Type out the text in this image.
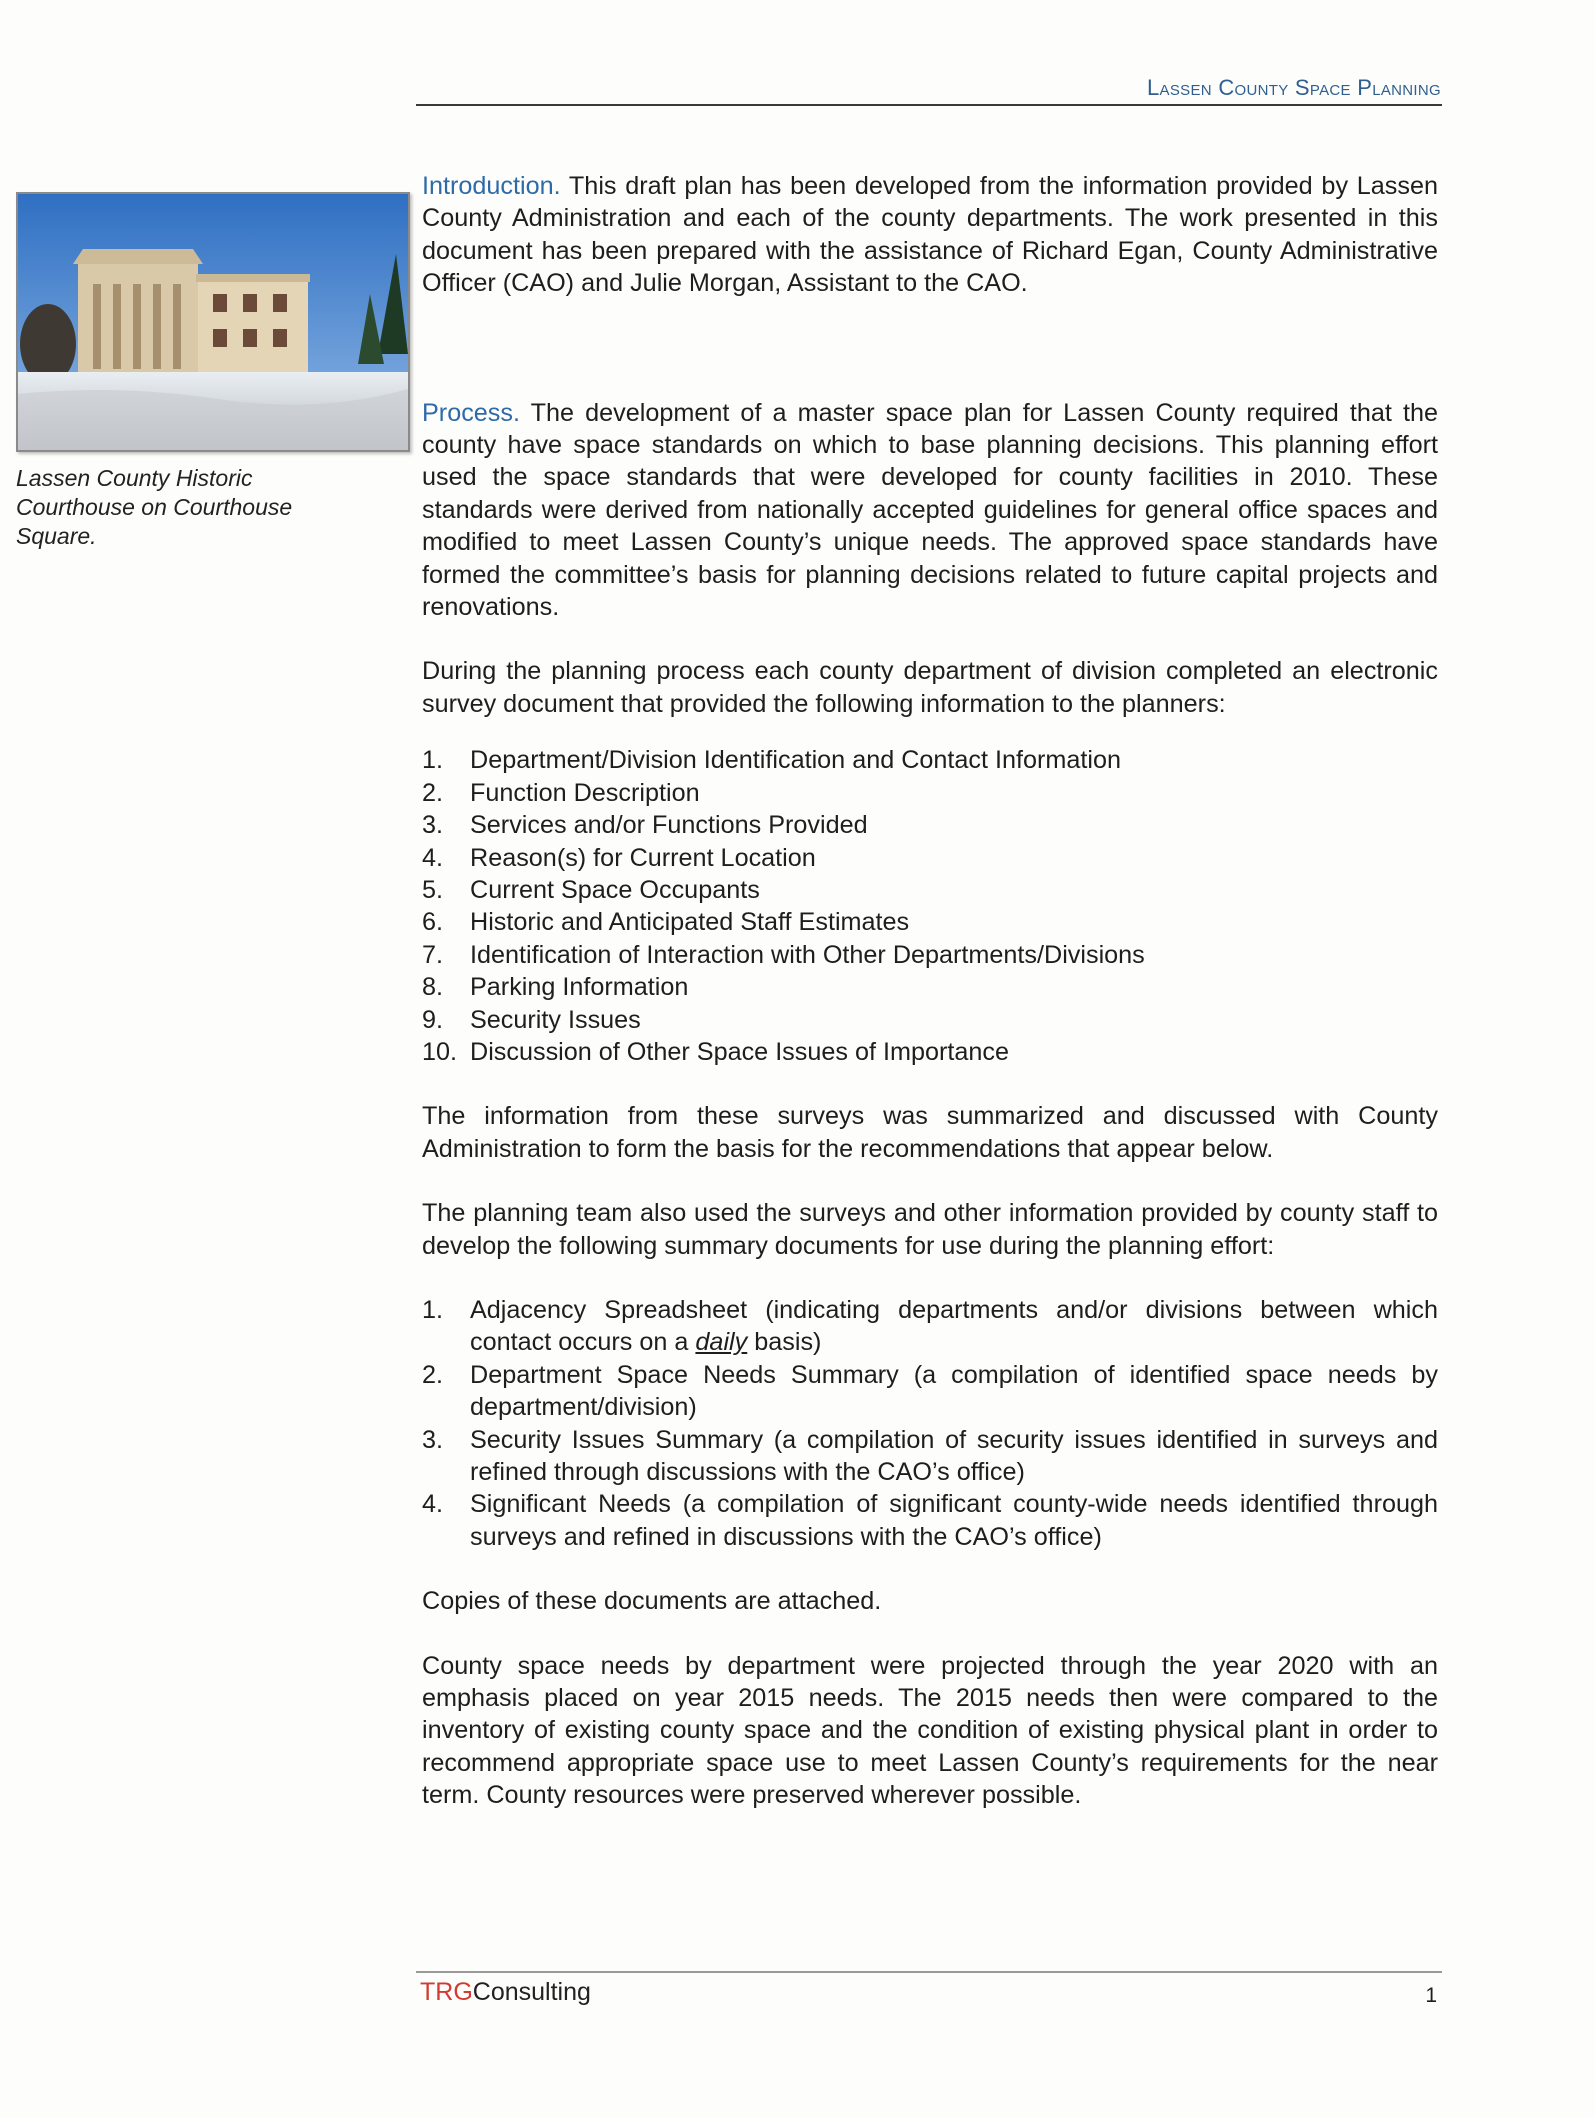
Lassen County Space Planning
Lassen County Historic Courthouse on Courthouse Square.

Introduction. This draft plan has been developed from the information provided by Lassen County Administration and each of the county departments. The work presented in this document has been prepared with the assistance of Richard Egan, County Administrative Officer (CAO) and Julie Morgan, Assistant to the CAO.

Process. The development of a master space plan for Lassen County required that the county have space standards on which to base planning decisions. This planning effort used the space standards that were developed for county facilities in 2010. These standards were derived from nationally accepted guidelines for general office spaces and modified to meet Lassen County’s unique needs. The approved space standards have formed the committee’s basis for planning decisions related to future capital projects and renovations.

During the planning process each county department of division completed an electronic survey document that provided the following information to the planners:

1. Department/Division Identification and Contact Information
2. Function Description
3. Services and/or Functions Provided
4. Reason(s) for Current Location
5. Current Space Occupants
6. Historic and Anticipated Staff Estimates
7. Identification of Interaction with Other Departments/Divisions
8. Parking Information
9. Security Issues
10. Discussion of Other Space Issues of Importance

The information from these surveys was summarized and discussed with County Administration to form the basis for the recommendations that appear below.

The planning team also used the surveys and other information provided by county staff to develop the following summary documents for use during the planning effort:

1. Adjacency Spreadsheet (indicating departments and/or divisions between which contact occurs on a daily basis)
2. Department Space Needs Summary (a compilation of identified space needs by department/division)
3. Security Issues Summary (a compilation of security issues identified in surveys and refined through discussions with the CAO’s office)
4. Significant Needs (a compilation of significant county-wide needs identified through surveys and refined in discussions with the CAO’s office)

Copies of these documents are attached.

County space needs by department were projected through the year 2020 with an emphasis placed on year 2015 needs. The 2015 needs then were compared to the inventory of existing county space and the condition of existing physical plant in order to recommend appropriate space use to meet Lassen County’s requirements for the near term. County resources were preserved wherever possible.

TRGConsulting	1
